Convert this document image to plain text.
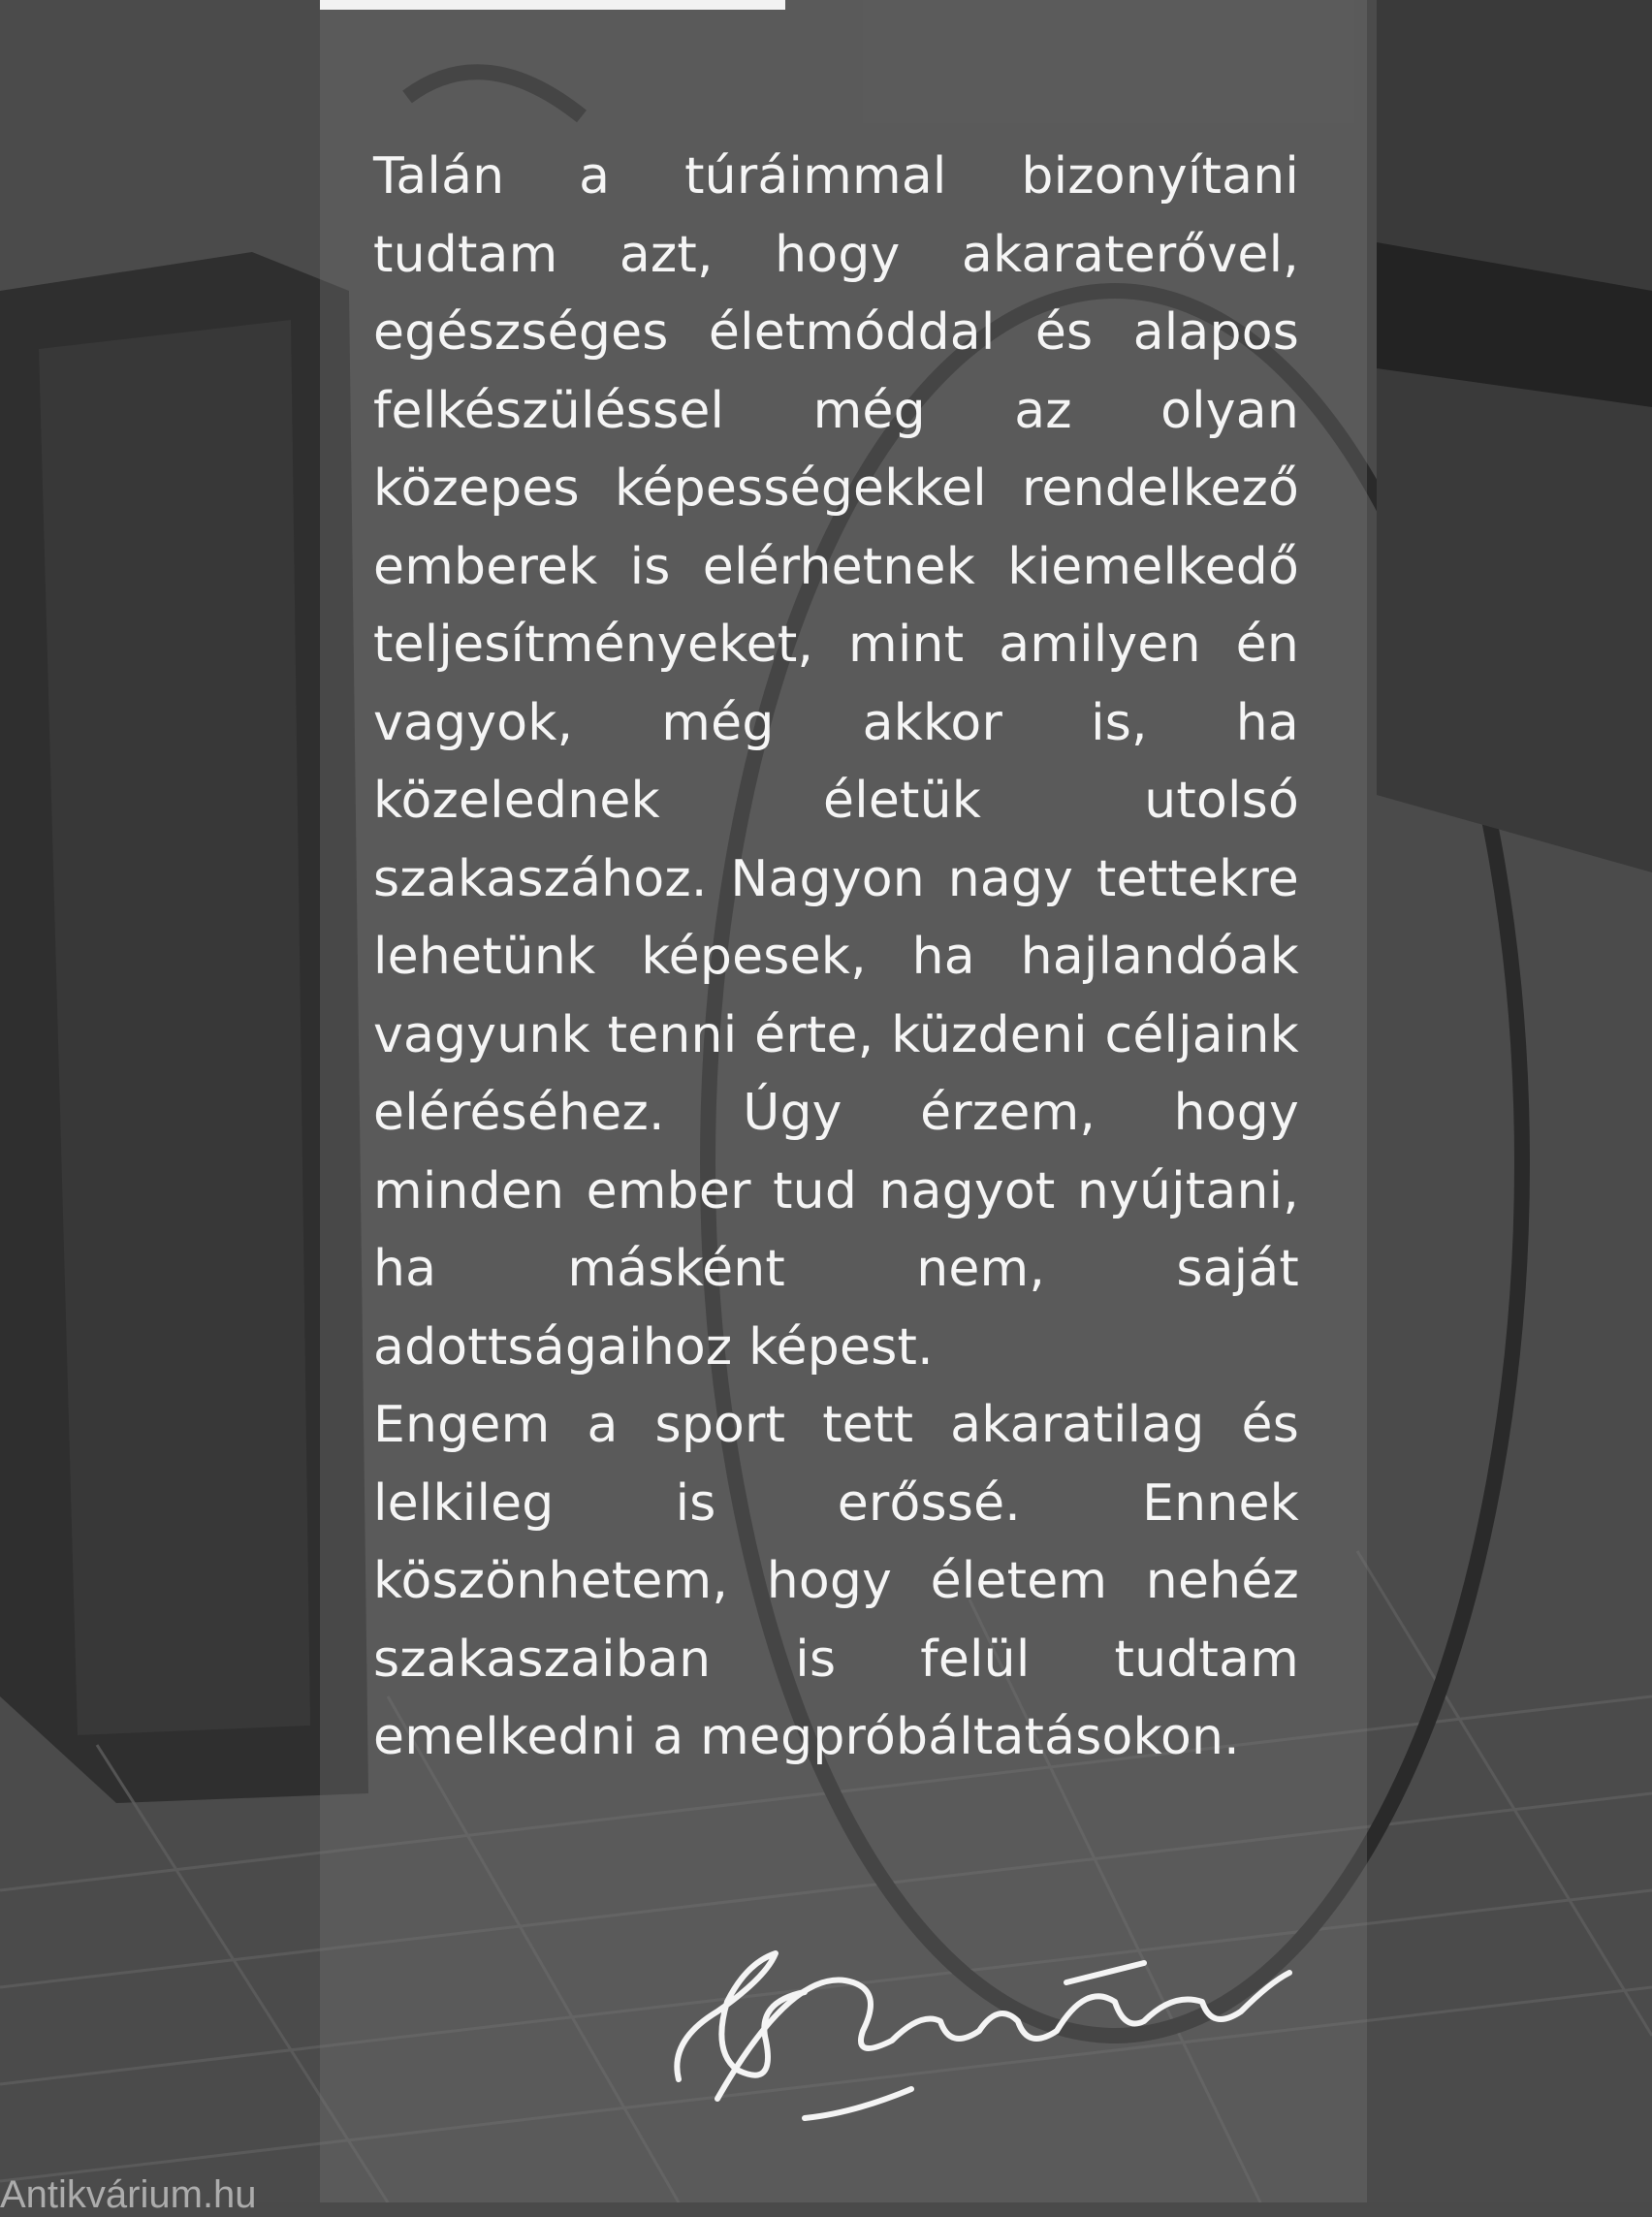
Talán a túráimmal bizonyítani tudtam azt, hogy akaraterővel, egészséges életmóddal és alapos felkészüléssel még az olyan közepes képességekkel rendelkező emberek is elérhetnek kiemelkedő teljesítményeket, mint amilyen én vagyok, még akkor is, ha közelednek életük utolsó szakaszához. Nagyon nagy tettekre lehetünk képesek, ha hajlandóak vagyunk tenni érte, küzdeni céljaink eléréséhez. Úgy érzem, hogy minden ember tud nagyot nyújtani, ha másként nem, saját adottságaihoz képest.

Engem a sport tett akaratilag és lelkileg is erőssé. Ennek köszönhetem, hogy életem nehéz szakaszaiban is felül tudtam emelkedni a megpróbáltatásokon.

Antikvárium.hu
